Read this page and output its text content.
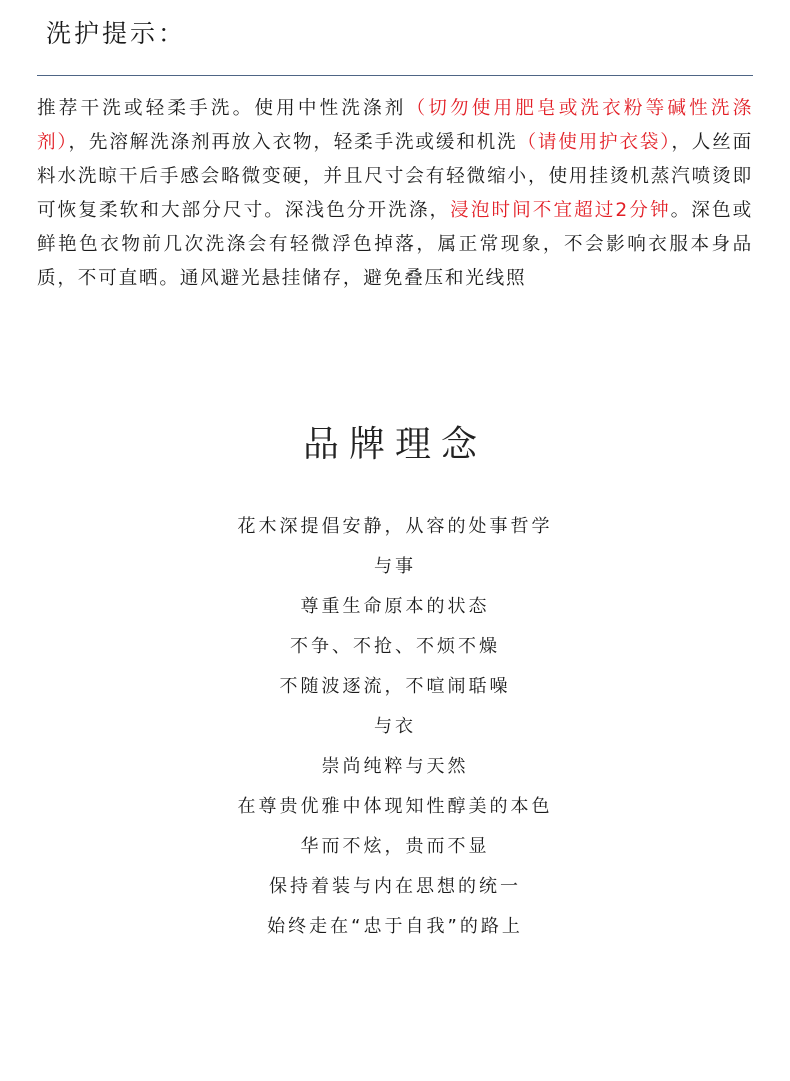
洗护提示：
推荐干洗或轻柔手洗。使用中性洗涤剂（切勿使用肥皂或洗衣粉等碱性洗涤剂），先溶解洗涤剂再放入衣物，轻柔手洗或缓和机洗（请使用护衣袋），人丝面料水洗晾干后手感会略微变硬，并且尺寸会有轻微缩小，使用挂烫机蒸汽喷烫即可恢复柔软和大部分尺寸。深浅色分开洗涤，浸泡时间不宜超过2分钟。深色或鲜艳色衣物前几次洗涤会有轻微浮色掉落，属正常现象，不会影响衣服本身品质，不可直晒。通风避光悬挂储存，避免叠压和光线照
品牌理念
花木深提倡安静，从容的处事哲学
与事
尊重生命原本的状态
不争、不抢、不烦不燥
不随波逐流，不喧闹聒噪
与衣
崇尚纯粹与天然
在尊贵优雅中体现知性醇美的本色
华而不炫，贵而不显
保持着装与内在思想的统一
始终走在“忠于自我”的路上
